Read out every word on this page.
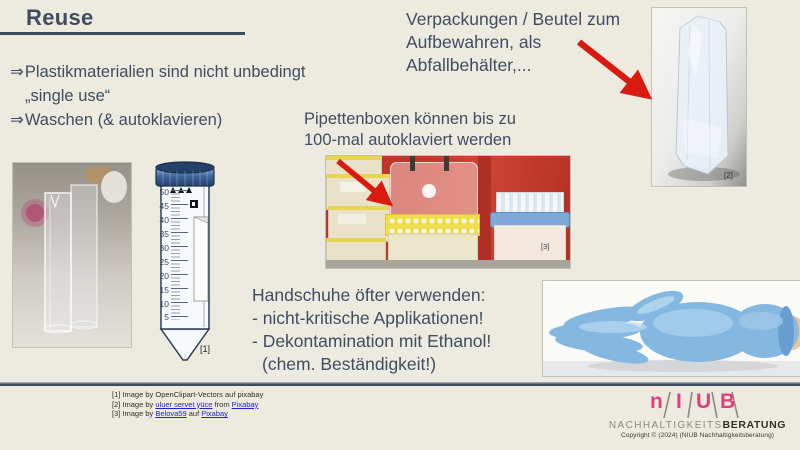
Reuse
⇒Plastikmaterialien sind nicht unbedingt
„single use“
⇒Waschen (& autoklavieren)
Verpackungen / Beutel zum
Aufbewahren, als
Abfallbehälter,...
Pipettenboxen können bis zu
100-mal autoklaviert werden
Handschuhe öfter verwenden:
- nicht-kritische Applikationen!
- Dekontamination mit Ethanol!
(chem. Beständigkeit!)
50
45
40
35
30
25
20
15
10
5
[1]
[2]
[3]
[1] Image by OpenClipart-Vectors auf pixabay
[2] Image by uluer servet yüce from Pixabay
[3] Image by Belova59 auf Pixabay
n I U B
NACHHALTIGKEITSBERATUNG
Copyright © (2024) (NIUB Nachhaltigkeitsberatung)
